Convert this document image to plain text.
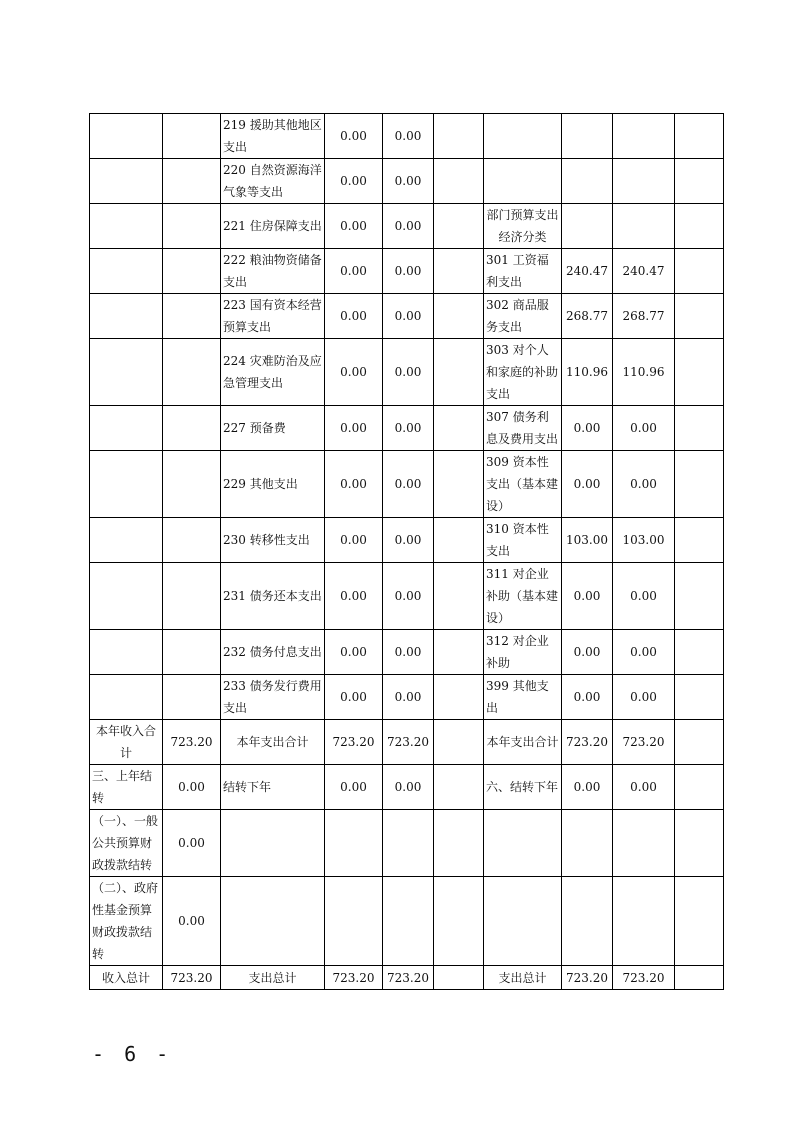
		219 援助其他地区支出	0.00	0.00					
		220 自然资源海洋气象等支出	0.00	0.00					
		221 住房保障支出	0.00	0.00		部门预算支出经济分类			
		222 粮油物资储备支出	0.00	0.00		301 工资福利支出	240.47	240.47	
		223 国有资本经营预算支出	0.00	0.00		302 商品服务支出	268.77	268.77	
		224 灾难防治及应急管理支出	0.00	0.00		303 对个人和家庭的补助支出	110.96	110.96	
		227 预备费	0.00	0.00		307 债务利息及费用支出	0.00	0.00	
		229 其他支出	0.00	0.00		309 资本性支出（基本建设）	0.00	0.00	
		230 转移性支出	0.00	0.00		310 资本性支出	103.00	103.00	
		231 债务还本支出	0.00	0.00		311 对企业补助（基本建设）	0.00	0.00	
		232 债务付息支出	0.00	0.00		312 对企业补助	0.00	0.00	
		233 债务发行费用支出	0.00	0.00		399 其他支出	0.00	0.00	
本年收入合计	723.20	本年支出合计	723.20	723.20		本年支出合计	723.20	723.20	
三、上年结转	0.00	结转下年	0.00	0.00		六、结转下年	0.00	0.00	
（一）、一般公共预算财政拨款结转	0.00								
（二）、政府性基金预算财政拨款结转	0.00								
收入总计	723.20	支出总计	723.20	723.20		支出总计	723.20	723.20	
- 6 -
